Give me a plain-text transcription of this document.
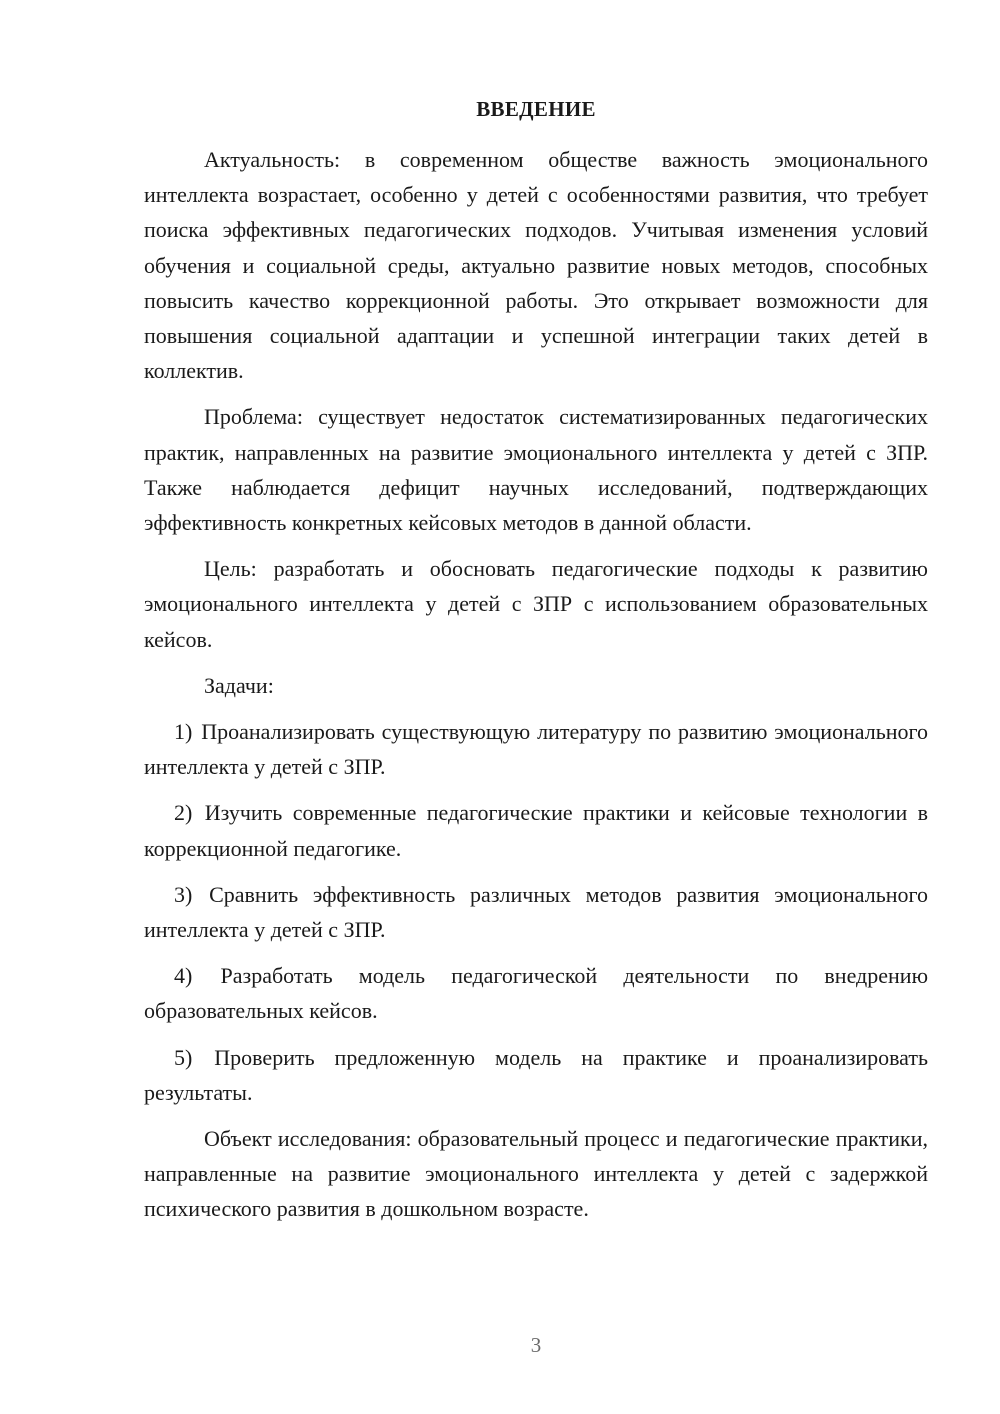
ВВЕДЕНИЕ

Актуальность: в современном обществе важность эмоционального интеллекта возрастает, особенно у детей с особенностями развития, что требует поиска эффективных педагогических подходов. Учитывая изменения условий обучения и социальной среды, актуально развитие новых методов, способных повысить качество коррекционной работы. Это открывает возможности для повышения социальной адаптации и успешной интеграции таких детей в коллектив.

Проблема: существует недостаток систематизированных педагогических практик, направленных на развитие эмоционального интеллекта у детей с ЗПР. Также наблюдается дефицит научных исследований, подтверждающих эффективность конкретных кейсовых методов в данной области.

Цель: разработать и обосновать педагогические подходы к развитию эмоционального интеллекта у детей с ЗПР с использованием образовательных кейсов.

Задачи:

1) Проанализировать существующую литературу по развитию эмоционального интеллекта у детей с ЗПР.

2) Изучить современные педагогические практики и кейсовые технологии в коррекционной педагогике.

3) Сравнить эффективность различных методов развития эмоционального интеллекта у детей с ЗПР.

4) Разработать модель педагогической деятельности по внедрению образовательных кейсов.

5) Проверить предложенную модель на практике и проанализировать результаты.

Объект исследования: образовательный процесс и педагогические практики, направленные на развитие эмоционального интеллекта у детей с задержкой психического развития в дошкольном возрасте.

3
